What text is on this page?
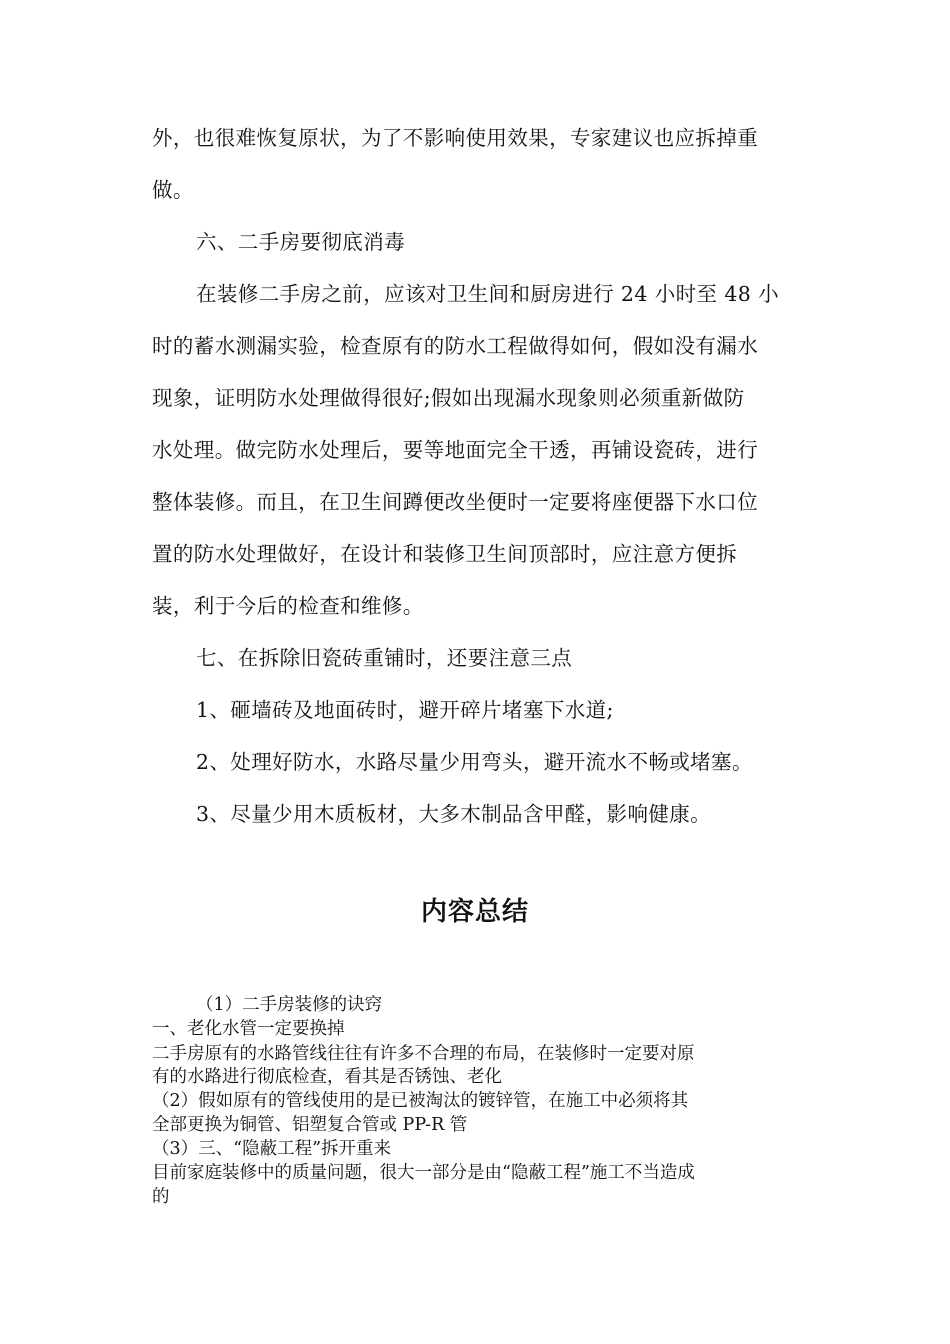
外，也很难恢复原状，为了不影响使用效果，专家建议也应拆掉重

做。

六、二手房要彻底消毒

在装修二手房之前，应该对卫生间和厨房进行 24 小时至 48 小

时的蓄水测漏实验，检查原有的防水工程做得如何，假如没有漏水

现象，证明防水处理做得很好;假如出现漏水现象则必须重新做防

水处理。做完防水处理后，要等地面完全干透，再铺设瓷砖，进行

整体装修。而且，在卫生间蹲便改坐便时一定要将座便器下水口位

置的防水处理做好，在设计和装修卫生间顶部时，应注意方便拆

装，利于今后的检查和维修。

七、在拆除旧瓷砖重铺时，还要注意三点

1、砸墙砖及地面砖时，避开碎片堵塞下水道;

2、处理好防水，水路尽量少用弯头，避开流水不畅或堵塞。

3、尽量少用木质板材，大多木制品含甲醛，影响健康。

内容总结

（1）二手房装修的诀窍

一、老化水管一定要换掉

二手房原有的水路管线往往有许多不合理的布局，在装修时一定要对原

有的水路进行彻底检查，看其是否锈蚀、老化

（2）假如原有的管线使用的是已被淘汰的镀锌管，在施工中必须将其

全部更换为铜管、铝塑复合管或 PP-R 管

（3）三、“隐蔽工程”拆开重来

目前家庭装修中的质量问题，很大一部分是由“隐蔽工程”施工不当造成

的
